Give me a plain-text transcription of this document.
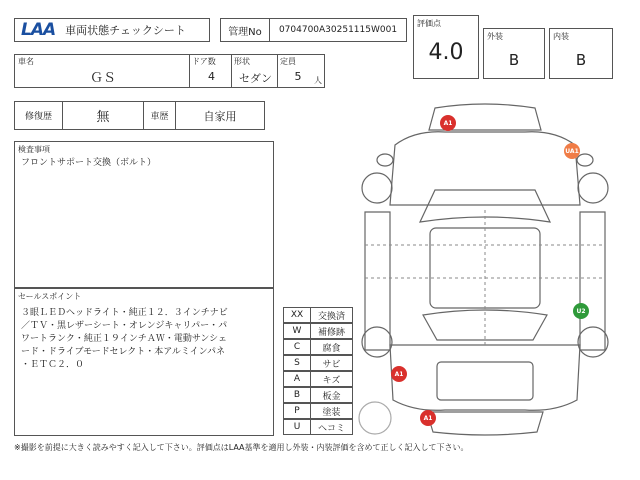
LAA 車両状態チェックシート	管理No	0704700A30251115W001
評価点
4.0
外装
B
内装
B
車名
ＧＳ
ドア数
4
形状
セダン
定員
5	人
修復歴	無	車歴	自家用
検査事項
フロントサポート交換（ボルト）
セールスポイント
３眼ＬＥＤヘッドライト・純正１２．３インチナビ
／ＴＶ・黒レザーシート・オレンジキャリパー・パ
ワートランク・純正１９インチＡＷ・電動サンシェ
ード・ドライブモードセレクト・本アルミインパネ
・ＥＴＣ２．０
XX	交換済
W	補修跡
C	腐食
S	サビ
A	キズ
B	板金
P	塗装
U	ヘコミ
A1
UA1
U2
A1
A1
※撮影を前提に大きく読みやすく記入して下さい。評価点はLAA基準を適用し外装・内装評価を含めて正しく記入して下さい。
